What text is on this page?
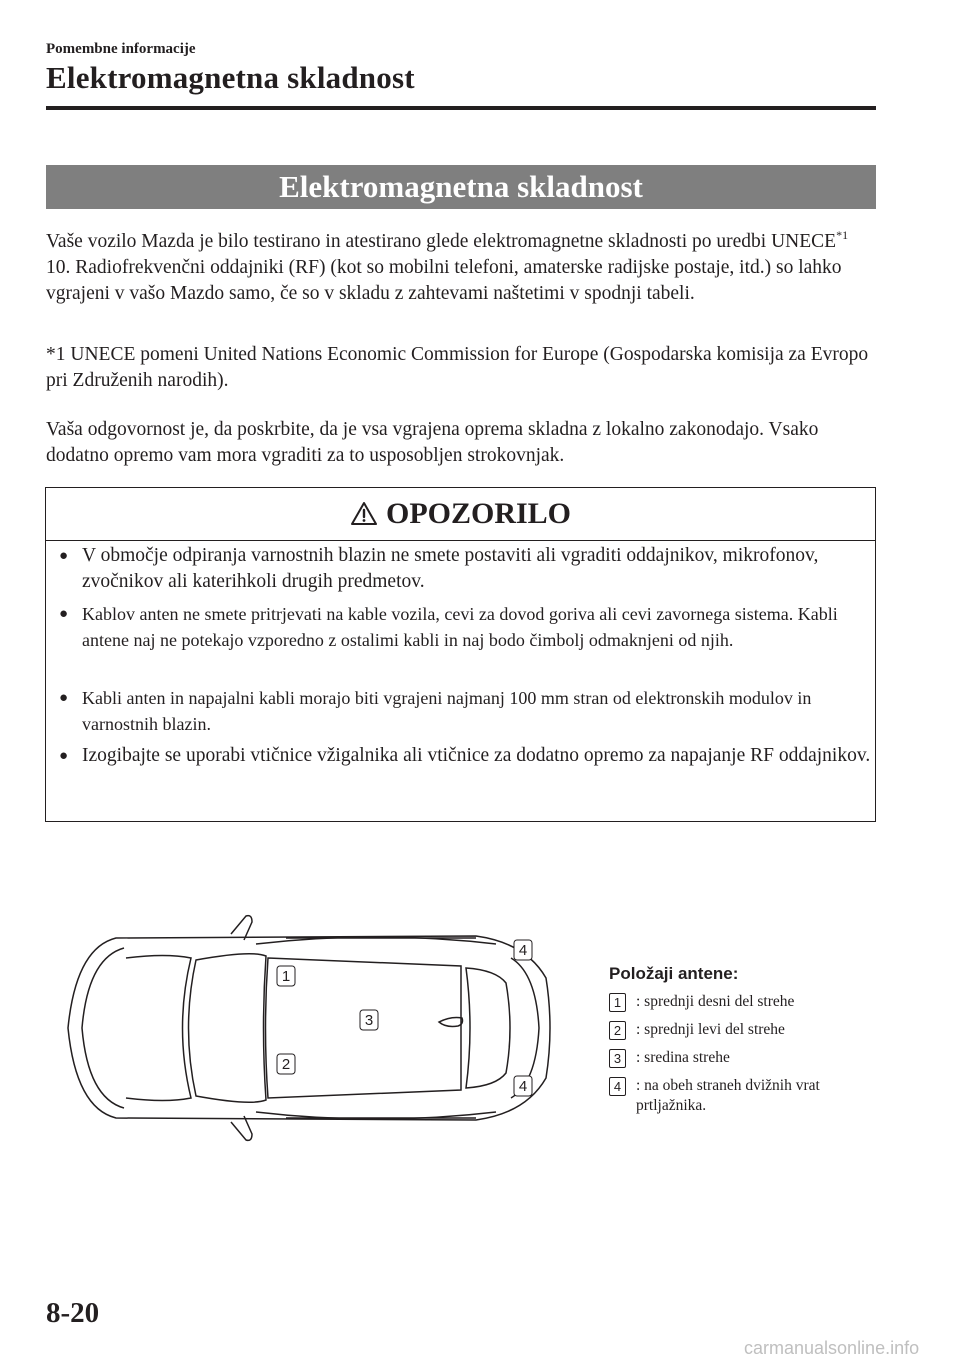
Pomembne informacije
Elektromagnetna skladnost
Elektromagnetna skladnost

Vaše vozilo Mazda je bilo testirano in atestirano glede elektromagnetne skladnosti po uredbi UNECE$^{*1}$ 10. Radiofrekvenčni oddajniki (RF) (kot so mobilni telefoni, amaterske radijske postaje, itd.) so lahko vgrajeni v vašo Mazdo samo, če so v skladu z zahtevami naštetimi v spodnji tabeli.

*1 UNECE pomeni United Nations Economic Commission for Europe (Gospodarska komisija za Evropo pri Združenih narodih).

Vaša odgovornost je, da poskrbite, da je vsa vgrajena oprema skladna z lokalno zakonodajo. Vsako dodatno opremo vam mora vgraditi za to usposobljen strokovnjak.

OPOZORILO
● V območje odpiranja varnostnih blazin ne smete postaviti ali vgraditi oddajnikov, mikrofonov, zvočnikov ali katerihkoli drugih predmetov.
● Kablov anten ne smete pritrjevati na kable vozila, cevi za dovod goriva ali cevi zavornega sistema. Kabli antene naj ne potekajo vzporedno z ostalimi kabli in naj bodo čimbolj odmaknjeni od njih.
● Kabli anten in napajalni kabli morajo biti vgrajeni najmanj 100 mm stran od elektronskih modulov in varnostnih blazin.
● Izogibajte se uporabi vtičnice vžigalnika ali vtičnice za dodatno opremo za napajanje RF oddajnikov.
1
2
3
4
4
Položaji antene:
1 : sprednji desni del strehe
2 : sprednji levi del strehe
3 : sredina strehe
4 : na obeh straneh dvižnih vrat prtljažnika.
8-20
carmanualsonline.info
